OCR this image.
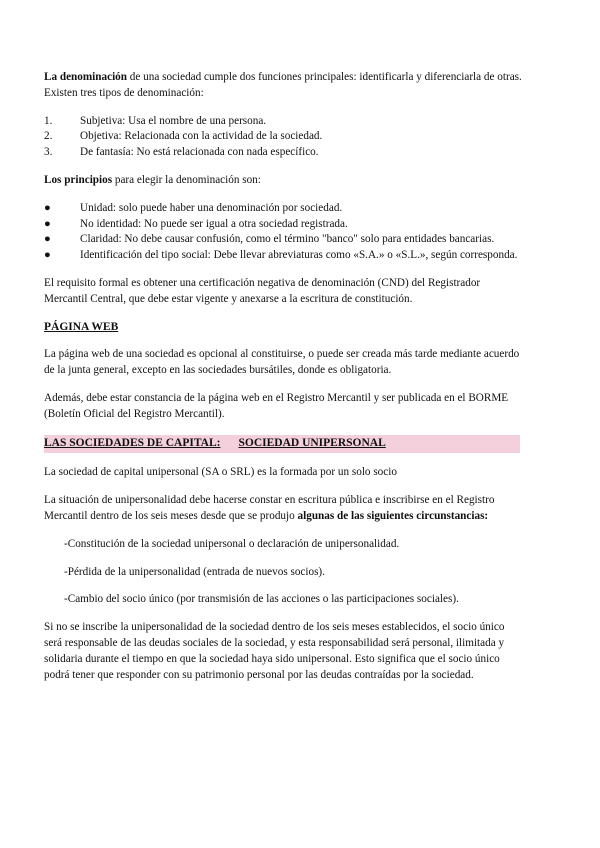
La denominación de una sociedad cumple dos funciones principales: identificarla y diferenciarla de otras. Existen tres tipos de denominación:

1. Subjetiva: Usa el nombre de una persona.
2. Objetiva: Relacionada con la actividad de la sociedad.
3. De fantasía: No está relacionada con nada específico.

Los principios para elegir la denominación son:

●	Unidad: solo puede haber una denominación por sociedad.
●	No identidad: No puede ser igual a otra sociedad registrada.
●	Claridad: No debe causar confusión, como el término "banco" solo para entidades bancarias.
●	Identificación del tipo social: Debe llevar abreviaturas como «S.A.» o «S.L.», según corresponda.

El requisito formal es obtener una certificación negativa de denominación (CND) del Registrador Mercantil Central, que debe estar vigente y anexarse a la escritura de constitución.

PÁGINA WEB

La página web de una sociedad es opcional al constituirse, o puede ser creada más tarde mediante acuerdo de la junta general, excepto en las sociedades bursátiles, donde es obligatoria.

Además, debe estar constancia de la página web en el Registro Mercantil y ser publicada en el BORME (Boletín Oficial del Registro Mercantil).

LAS SOCIEDADES DE CAPITAL: SOCIEDAD UNIPERSONAL

La sociedad de capital unipersonal (SA o SRL) es la formada por un solo socio

La situación de unipersonalidad debe hacerse constar en escritura pública e inscribirse en el Registro Mercantil dentro de los seis meses desde que se produjo algunas de las siguientes circunstancias:

-Constitución de la sociedad unipersonal o declaración de unipersonalidad.

-Pérdida de la unipersonalidad (entrada de nuevos socios).

-Cambio del socio único (por transmisión de las acciones o las participaciones sociales).

Si no se inscribe la unipersonalidad de la sociedad dentro de los seis meses establecidos, el socio único será responsable de las deudas sociales de la sociedad, y esta responsabilidad será personal, ilimitada y solidaria durante el tiempo en que la sociedad haya sido unipersonal. Esto significa que el socio único podrá tener que responder con su patrimonio personal por las deudas contraídas por la sociedad.
